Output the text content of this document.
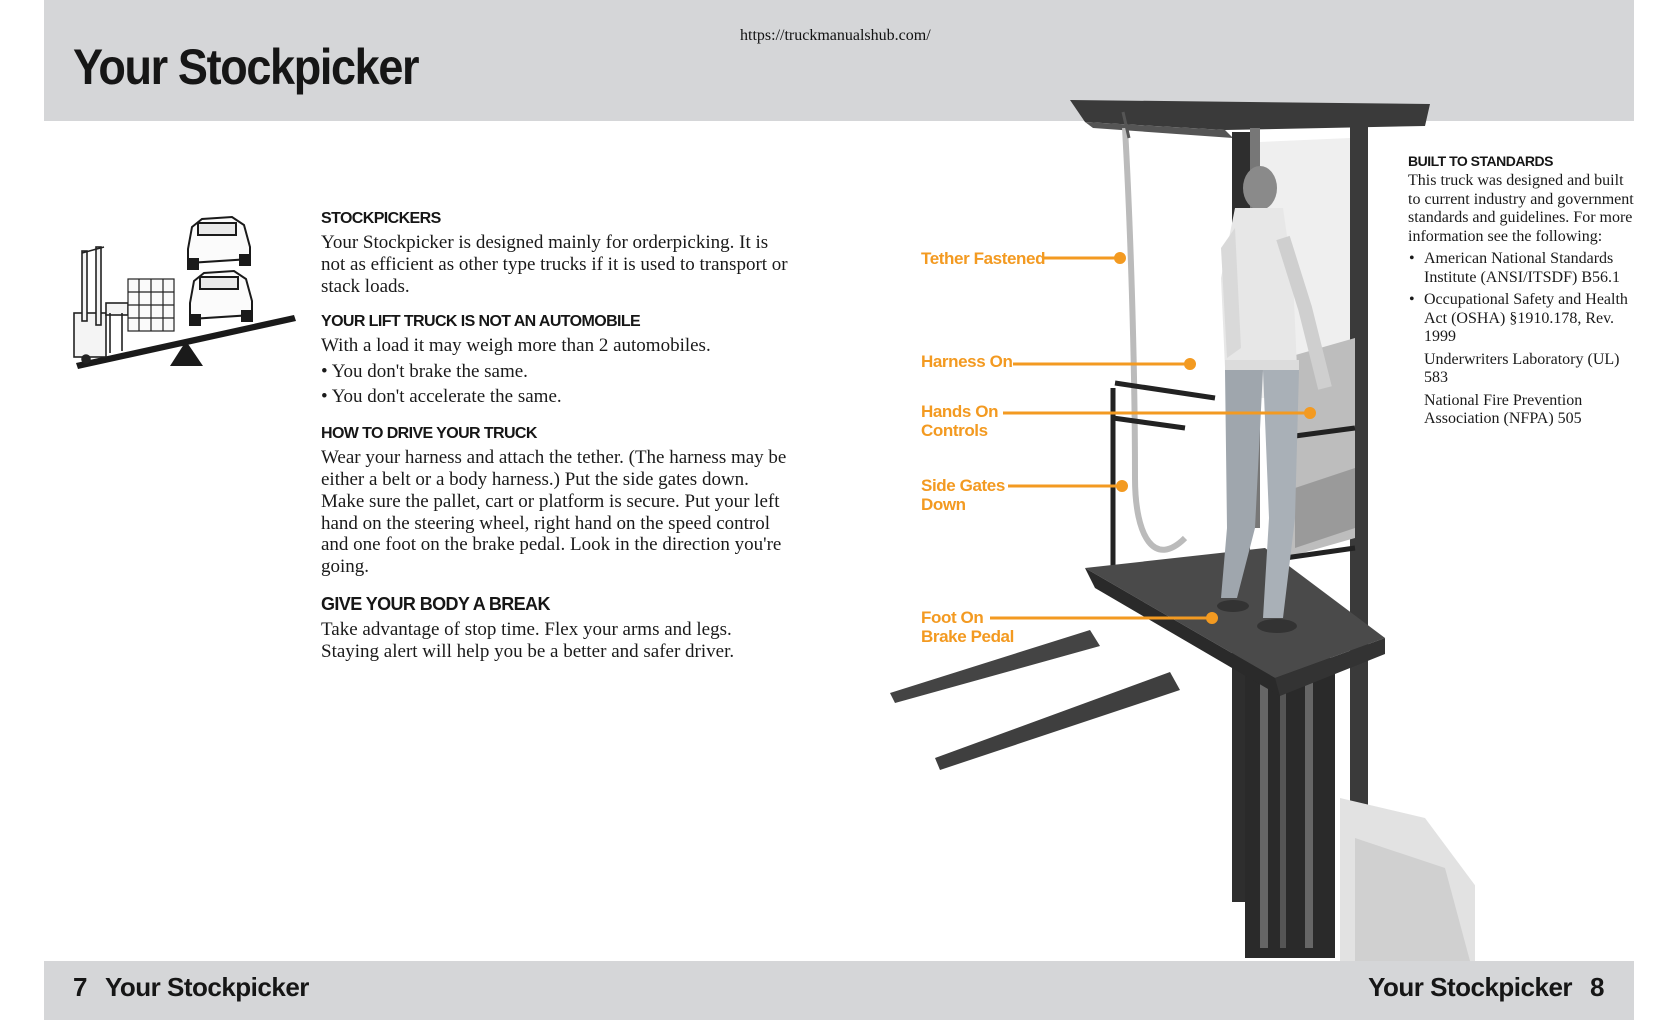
Your Stockpicker
https://truckmanualshub.com/
STOCKPICKERS

Your Stockpicker is designed mainly for orderpicking. It is not as efficient as other type trucks if it is used to transport or stack loads.

YOUR LIFT TRUCK IS NOT AN AUTOMOBILE

With a load it may weigh more than 2 automobiles.

• You don't brake the same.

• You don't accelerate the same.

HOW TO DRIVE YOUR TRUCK

Wear your harness and attach the tether. (The harness may be either a belt or a body harness.) Put the side gates down. Make sure the pallet, cart or platform is secure. Put your left hand on the steering wheel, right hand on the speed control and one foot on the brake pedal. Look in the direction you're going.

GIVE YOUR BODY A BREAK

Take advantage of stop time. Flex your arms and legs. Staying alert will help you be a better and safer driver.

Tether Fastened
Harness On
Hands On
Controls
Side Gates
Down
Foot On
Brake Pedal
BUILT TO STANDARDS

This truck was designed and built to current industry and government standards and guidelines. For more information see the following:

• American National Standards Institute (ANSI/ITSDF) B56.1
• Occupational Safety and Health Act (OSHA) §1910.178, Rev. 1999
Underwriters Laboratory (UL) 583
National Fire Prevention Association (NFPA) 505
7 Your Stockpicker	Your Stockpicker 8
